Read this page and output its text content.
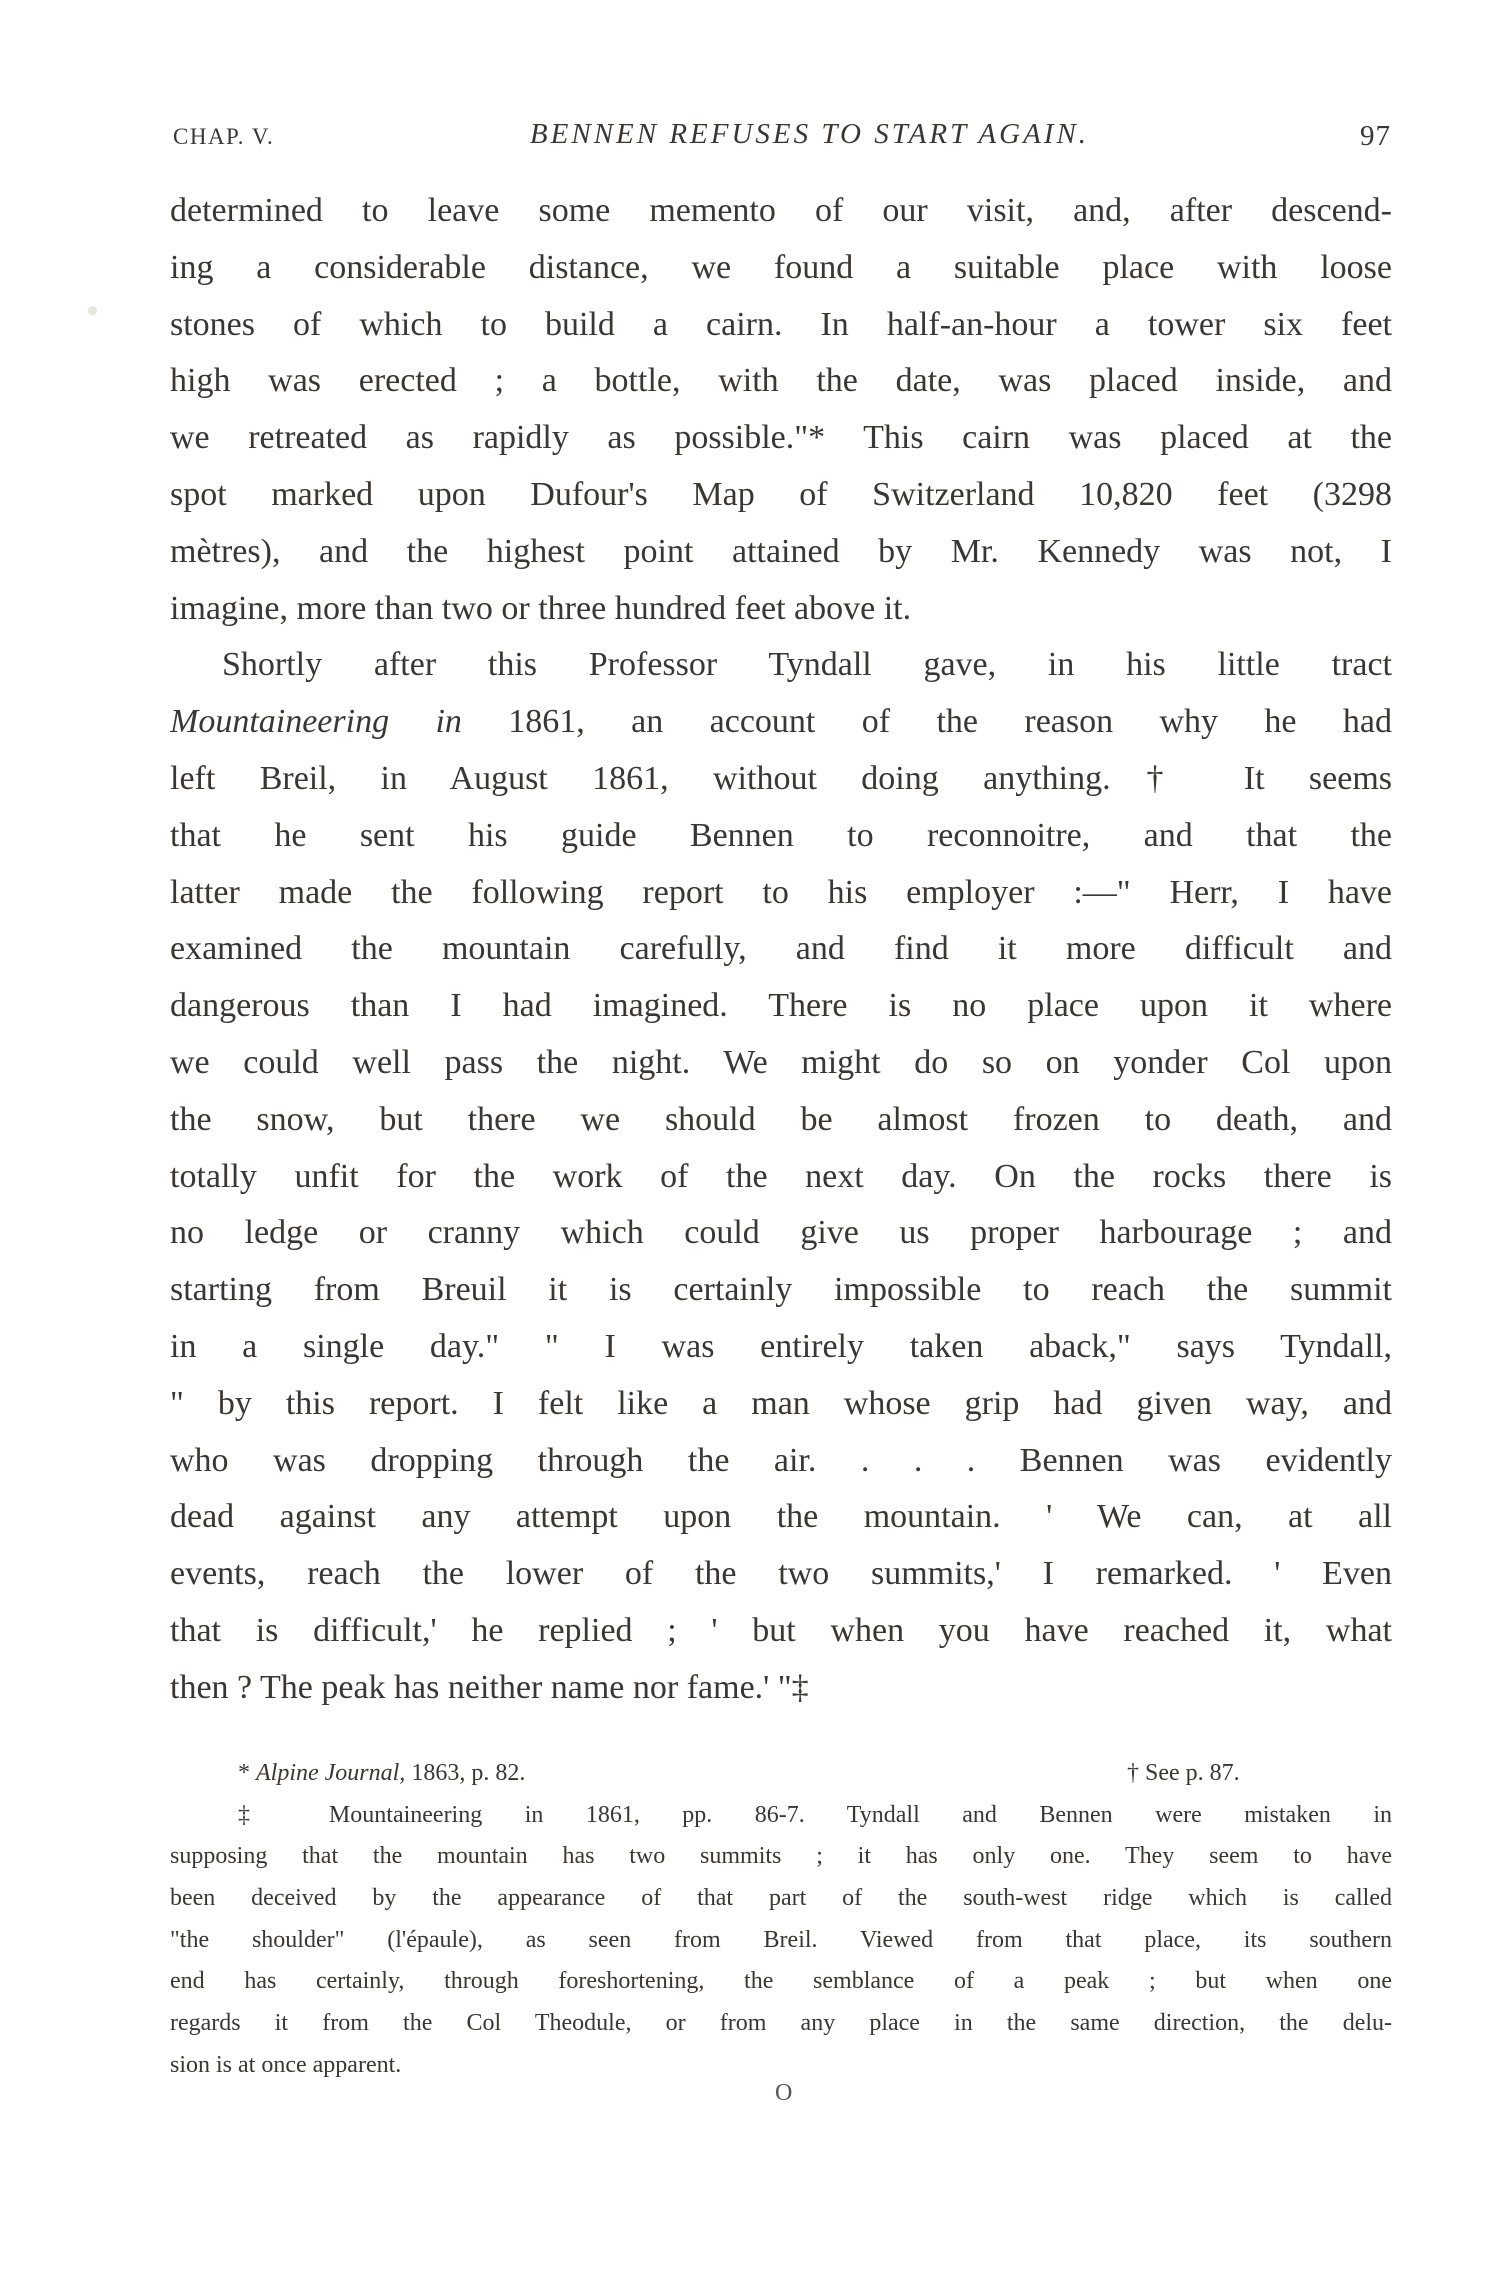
CHAP. V.	BENNEN REFUSES TO START AGAIN.	97
determined to leave some memento of our visit, and, after descend-
ing a considerable distance, we found a suitable place with loose
stones of which to build a cairn. In half-an-hour a tower six feet
high was erected ; a bottle, with the date, was placed inside, and
we retreated as rapidly as possible."* This cairn was placed at the
spot marked upon Dufour's Map of Switzerland 10,820 feet (3298
mètres), and the highest point attained by Mr. Kennedy was not, I
imagine, more than two or three hundred feet above it.
Shortly after this Professor Tyndall gave, in his little tract
Mountaineering in 1861, an account of the reason why he had
left Breil, in August 1861, without doing anything.† It seems
that he sent his guide Bennen to reconnoitre, and that the
latter made the following report to his employer :—" Herr, I have
examined the mountain carefully, and find it more difficult and
dangerous than I had imagined. There is no place upon it where
we could well pass the night. We might do so on yonder Col upon
the snow, but there we should be almost frozen to death, and
totally unfit for the work of the next day. On the rocks there is
no ledge or cranny which could give us proper harbourage ; and
starting from Breuil it is certainly impossible to reach the summit
in a single day." " I was entirely taken aback," says Tyndall,
" by this report. I felt like a man whose grip had given way, and
who was dropping through the air. . . . Bennen was evidently
dead against any attempt upon the mountain. ' We can, at all
events, reach the lower of the two summits,' I remarked. ' Even
that is difficult,' he replied ; ' but when you have reached it, what
then ? The peak has neither name nor fame.' "‡
* Alpine Journal, 1863, p. 82.	† See p. 87.
‡ Mountaineering in 1861, pp. 86-7. Tyndall and Bennen were mistaken in
supposing that the mountain has two summits ; it has only one. They seem to have
been deceived by the appearance of that part of the south-west ridge which is called
"the shoulder" (l'épaule), as seen from Breil. Viewed from that place, its southern
end has certainly, through foreshortening, the semblance of a peak ; but when one
regards it from the Col Theodule, or from any place in the same direction, the delu-
sion is at once apparent.
O
